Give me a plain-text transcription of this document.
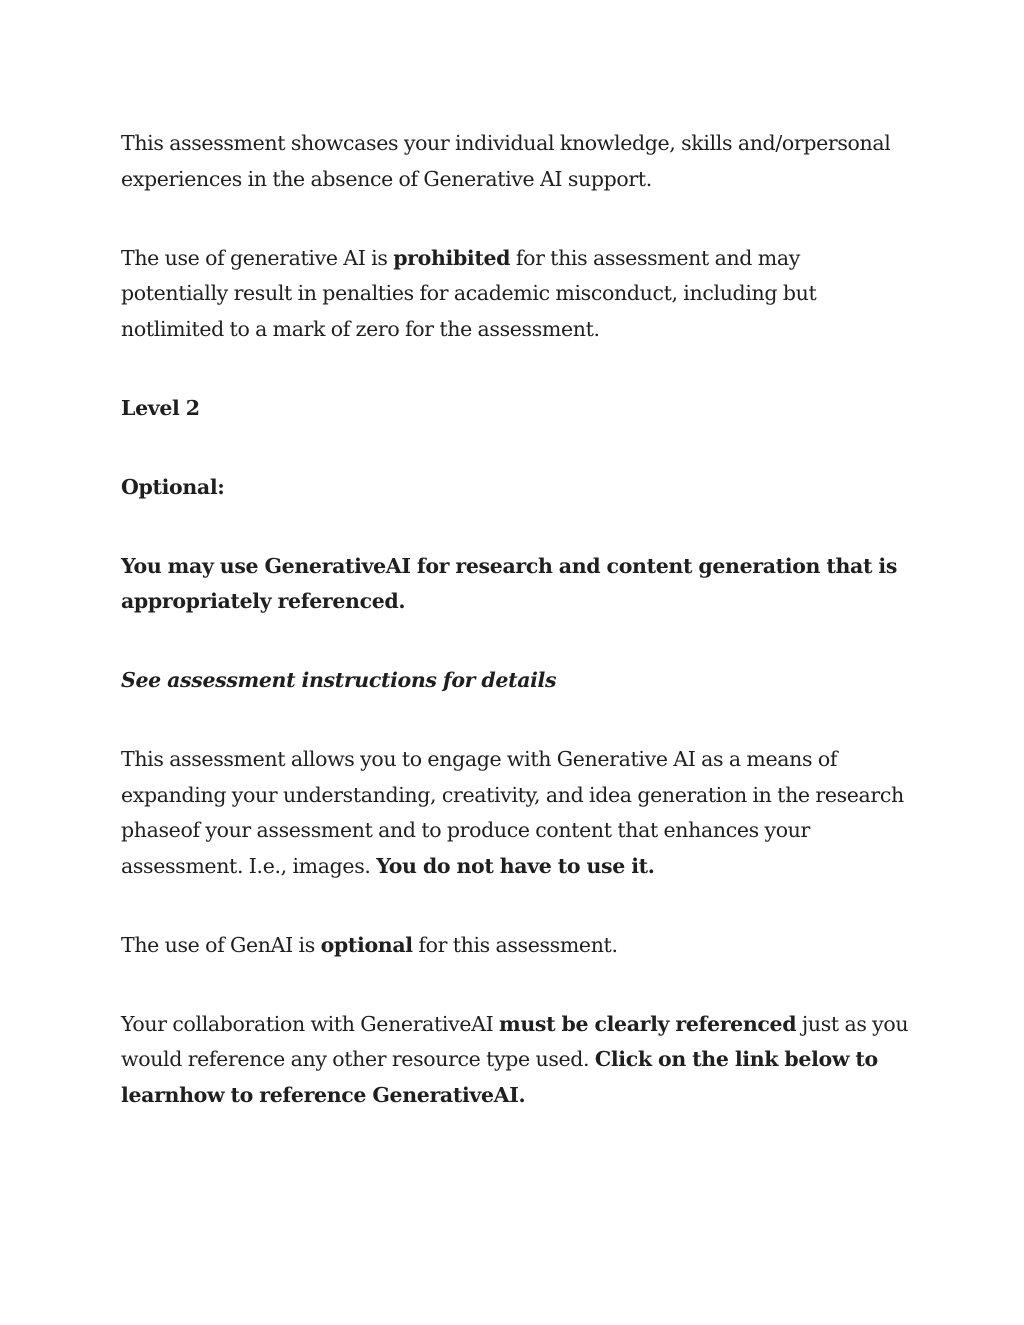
This assessment showcases your individual knowledge, skills and/orpersonal experiences in the absence of Generative AI support.

The use of generative AI is prohibited for this assessment and may potentially result in penalties for academic misconduct, including but notlimited to a mark of zero for the assessment.

Level 2

Optional:

You may use GenerativeAI for research and content generation that is appropriately referenced.

See assessment instructions for details

This assessment allows you to engage with Generative AI as a means of expanding your understanding, creativity, and idea generation in the research phaseof your assessment and to produce content that enhances your assessment. I.e., images. You do not have to use it.

The use of GenAI is optional for this assessment.

Your collaboration with GenerativeAI must be clearly referenced just as you would reference any other resource type used. Click on the link below to learnhow to reference GenerativeAI.
